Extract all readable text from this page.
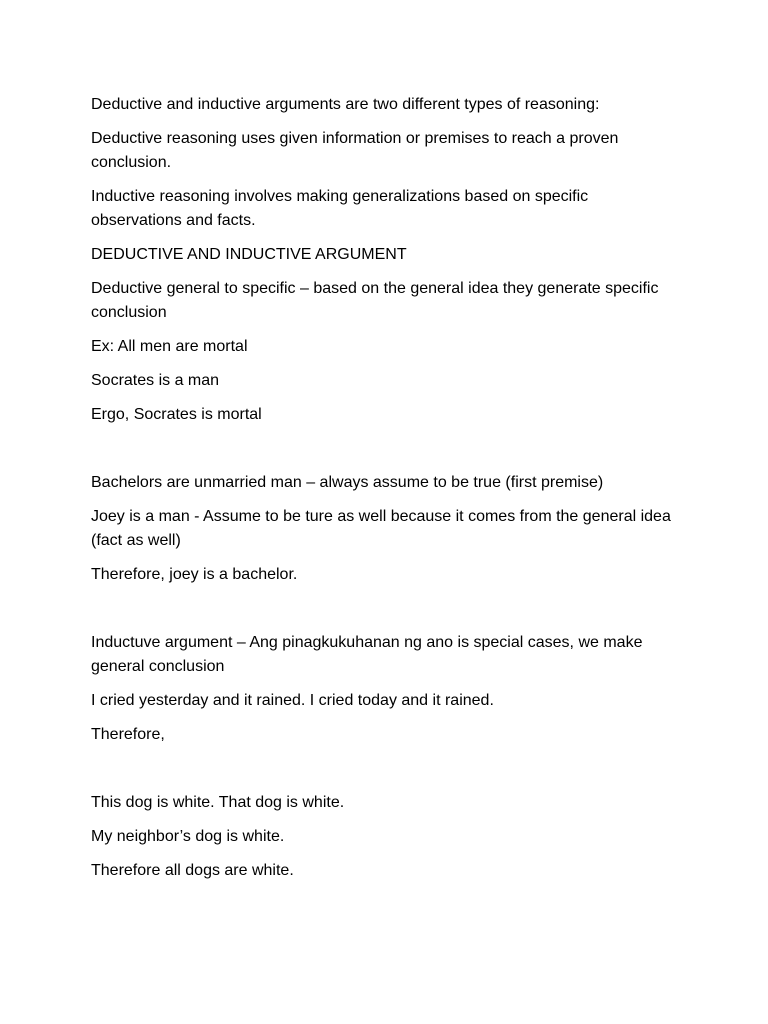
Deductive and inductive arguments are two different types of reasoning:

Deductive reasoning uses given information or premises to reach a proven conclusion.

Inductive reasoning involves making generalizations based on specific observations and facts.

DEDUCTIVE AND INDUCTIVE ARGUMENT

Deductive general to specific – based on the general idea they generate specific conclusion

Ex: All men are mortal

Socrates is a man

Ergo, Socrates is mortal

Bachelors are unmarried man – always assume to be true (first premise)

Joey is a man - Assume to be ture as well because it comes from the general idea (fact as well)

Therefore, joey is a bachelor.

Inductuve argument – Ang pinagkukuhanan ng ano is special cases, we make general conclusion

I cried yesterday and it rained. I cried today and it rained.

Therefore,

This dog is white. That dog is white.

My neighbor’s dog is white.

Therefore all dogs are white.
